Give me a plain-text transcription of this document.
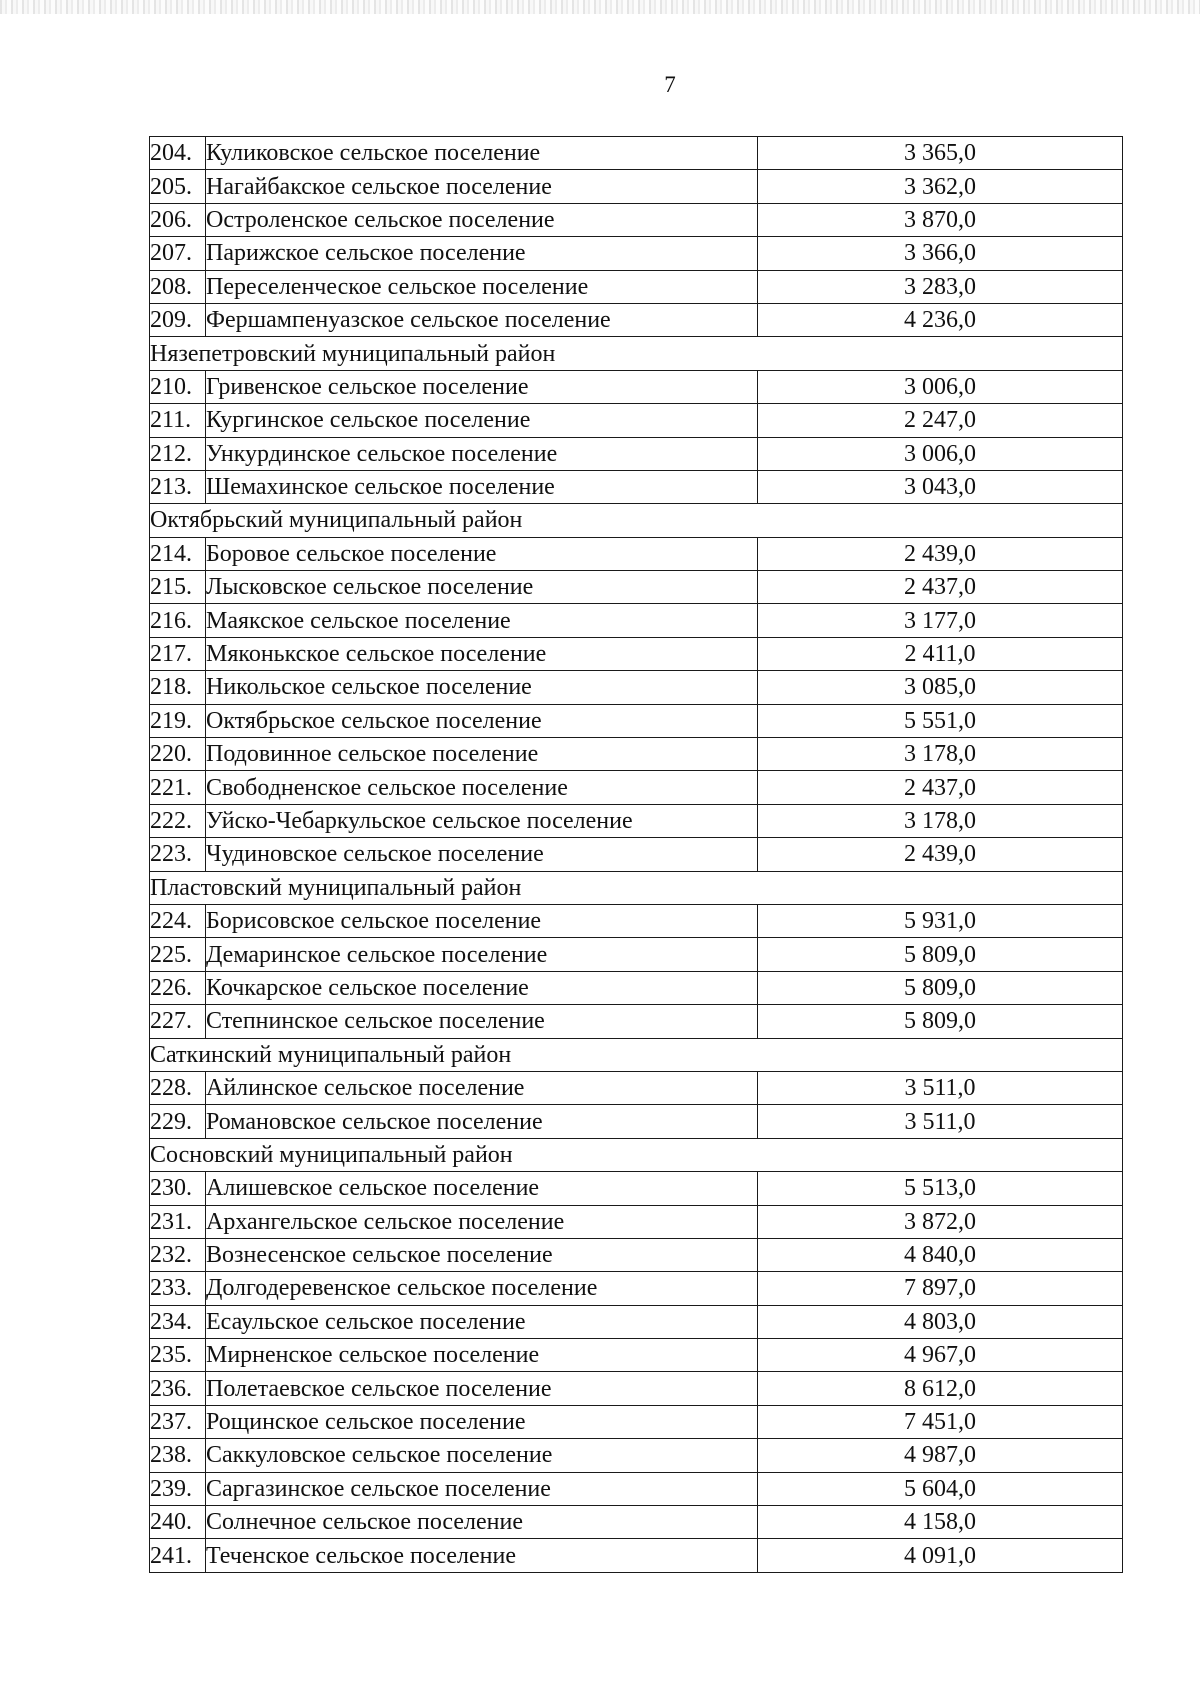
7
204.	Куликовское сельское поселение	3 365,0
205.	Нагайбакское сельское поселение	3 362,0
206.	Остроленское сельское поселение	3 870,0
207.	Парижское сельское поселение	3 366,0
208.	Переселенческое сельское поселение	3 283,0
209.	Фершампенуазское сельское поселение	4 236,0
Нязепетровский муниципальный район		
210.	Гривенское сельское поселение	3 006,0
211.	Кургинское сельское поселение	2 247,0
212.	Ункурдинское сельское поселение	3 006,0
213.	Шемахинское сельское поселение	3 043,0
Октябрьский муниципальный район		
214.	Боровое сельское поселение	2 439,0
215.	Лысковское сельское поселение	2 437,0
216.	Маякское сельское поселение	3 177,0
217.	Мяконькское сельское поселение	2 411,0
218.	Никольское сельское поселение	3 085,0
219.	Октябрьское сельское поселение	5 551,0
220.	Подовинное сельское поселение	3 178,0
221.	Свободненское сельское поселение	2 437,0
222.	Уйско-Чебаркульское сельское поселение	3 178,0
223.	Чудиновское сельское поселение	2 439,0
Пластовский муниципальный район		
224.	Борисовское сельское поселение	5 931,0
225.	Демаринское сельское поселение	5 809,0
226.	Кочкарское сельское поселение	5 809,0
227.	Степнинское сельское поселение	5 809,0
Саткинский муниципальный район		
228.	Айлинское сельское поселение	3 511,0
229.	Романовское сельское поселение	3 511,0
Сосновский муниципальный район		
230.	Алишевское сельское поселение	5 513,0
231.	Архангельское сельское поселение	3 872,0
232.	Вознесенское сельское поселение	4 840,0
233.	Долгодеревенское сельское поселение	7 897,0
234.	Есаульское сельское поселение	4 803,0
235.	Мирненское сельское поселение	4 967,0
236.	Полетаевское сельское поселение	8 612,0
237.	Рощинское сельское поселение	7 451,0
238.	Саккуловское сельское поселение	4 987,0
239.	Саргазинское сельское поселение	5 604,0
240.	Солнечное сельское поселение	4 158,0
241.	Теченское сельское поселение	4 091,0
